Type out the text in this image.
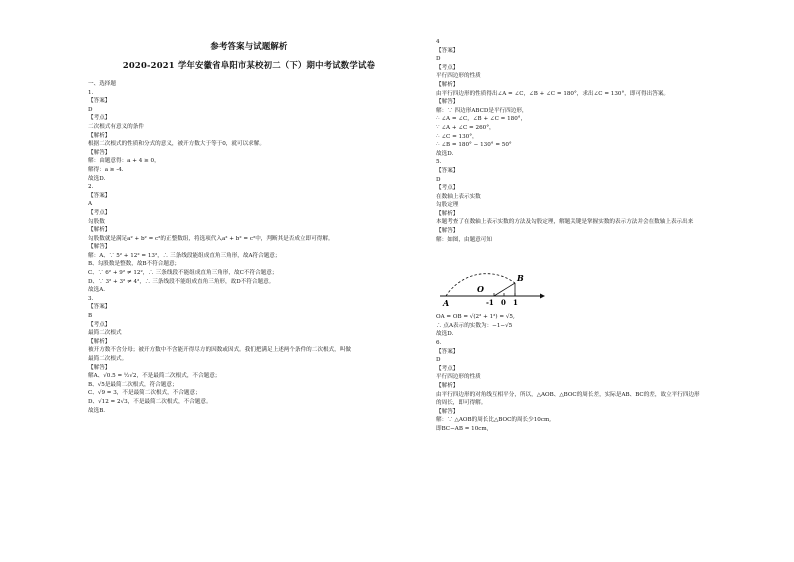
参考答案与试题解析
2020-2021 学年安徽省阜阳市某校初二（下）期中考试数学试卷
一、选择题
1.
【答案】
D
【考点】
二次根式有意义的条件
【解析】
根据二次根式的性质和分式的意义，被开方数大于等于0，就可以求解。
【解答】
解：由题意得：a + 4 ≥ 0，
解得：a ≥ -4.
故选D.
2.
【答案】
A
【考点】
勾股数
【解析】
勾股数就是满足a² + b² = c²的正整数组，将选项代入a² + b² = c²中，判断其是否成立即可得解。
【解答】
解：A、∵ 5² + 12² = 13²，∴ 三条线段能组成直角三角形，故A符合题意；
B、勾股数是整数，故B不符合题意；
C、∵ 6² + 9² ≠ 12²，∴ 三条线段不能组成直角三角形，故C不符合题意；
D、∵ 3² + 3² ≠ 4²，∴ 三条线段不能组成直角三角形，故D不符合题意。
故选A.
3.
【答案】
B
【考点】
最简二次根式
【解析】
被开方数不含分母；被开方数中不含能开得尽方的因数或因式。我们把满足上述两个条件的二次根式，叫做
最简二次根式。
【解答】
解A、√0.5 = ½√2，不是最简二次根式，不合题意；
B、√5是最简二次根式，符合题意；
C、√9 = 3，不是最简二次根式，不合题意；
D、√12 = 2√3，不是最简二次根式，不合题意。
故选B.
4
【答案】
D
【考点】
平行四边形的性质
【解析】
由平行四边形的性质得出∠A = ∠C，∠B + ∠C = 180°，求出∠C = 130°，即可得出答案。
【解答】
解：∵ 四边形ABCD是平行四边形，
∴ ∠A = ∠C，∠B + ∠C = 180°，
∵ ∠A + ∠C = 260°，
∴ ∠C = 130°，
∴ ∠B = 180° − 130° = 50°
故选D.
5.
【答案】
D
【考点】
在数轴上表示实数
勾股定理
【解析】
本题考查了在数轴上表示实数的方法及勾股定理，解题关键是掌握实数的表示方法并会在数轴上表示出来
【解答】
解：如图，由题意可知
A
O
B
-1 0 1
OA = OB = √(2² + 1²) = √5,
∴ 点A表示的实数为：−1−√5
故选D.
6.
【答案】
D
【考点】
平行四边形的性质
【解析】
由平行四边形的对角线互相平分，所以，△AOB、△BOC的周长差，实际是AB、BC的差，故立平行四边形
的周长，即可得解。
【解答】
解：∵ △AOB的周长比△BOC的周长少10cm,
即BC−AB = 10cm,
